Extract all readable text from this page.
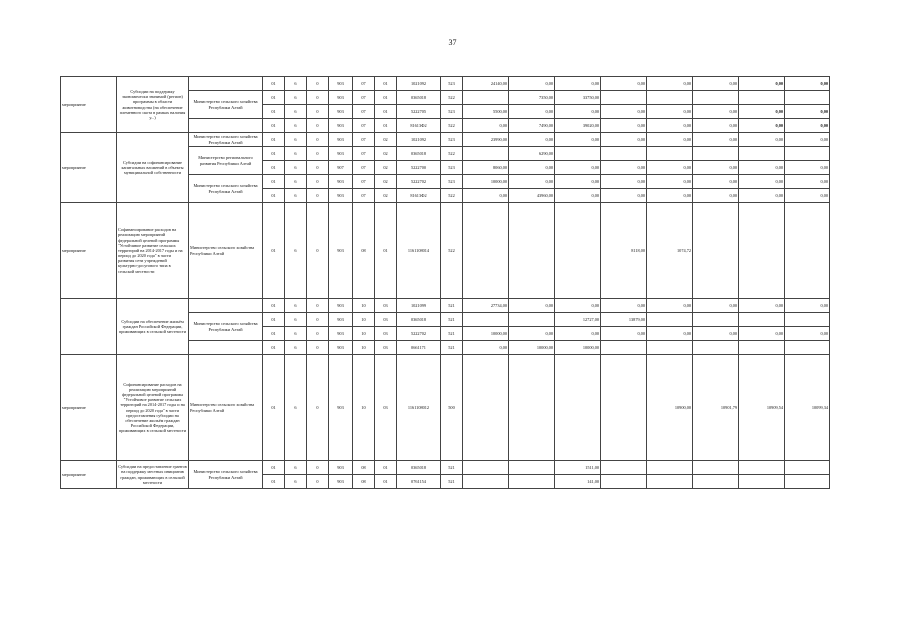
37
мероприятие	Субсидии на поддержку экономически значимой (регион) программы в области животноводства (на обеспечение племенного скота в рамках наличия у...)		01	6	0	903	07	01	1021092	523	24140,00	0,00	0,00	0,00	0,00	0,00	0,00	0,00	
		Министерство сельского хозяйства Республики Алтай	01	6	0	903	07	01	0365018	522		7350,00	33750,00						
			01	6	0	903	07	01	5222705	523	5500,00	0,00	0,00	0,00	0,00	0,00	0,00	0,00	
			01	6	0	903	07	01	81613Ф2	522	0,00	7490,00	39020,00	0,00	0,00	0,00	0,00	0,00	
мероприятие	Субсидии на софинансирование капитальных вложений в объекты муниципальной собственности	Министерство сельского хозяйства Республики Алтай	01	6	0	903	07	02	1021092	523	23990,00	0,00	0,00	0,00	0,00	0,00	0,00	0,00	
		Министерство регионального развития Республики Алтай	01	6	0	903	07	02	0365018	522		6290,00							
			01	6	0	907	07	02	5222700	523	8060,00	0,00	0,00	0,00	0,00	0,00	0,00	0,00	
		Министерство сельского хозяйства Республики Алтай	01	6	0	903	07	02	5222702	523	10000,00	0,00	0,00	0,00	0,00	0,00	0,00	0,00	
			01	6	0	903	07	02	81613Ф2	522	0,00	43960,00	0,00	0,00	0,00	0,00	0,00	0,00	
мероприятие	Софинансирование расходов на реализацию мероприятий федеральной целевой программы "Устойчивое развитие сельских территорий на 2014-2017 годы и на период до 2020 года" в части развития сети учреждений культурно-досугового типа в сельской местности	Министерство сельского хозяйства Республики Алтай	01	6	0	903	08	01	1161108014	522				8118,00	1074,72				
	Субсидии на обеспечение жильём граждан Российской Федерации, проживающих в сельской местности		01	6	0	903	10	03	1021099	521	27734,00	0,00	0,00	0,00	0,00	0,00	0,00	0,00	
		Министерство сельского хозяйства Республики Алтай	01	6	0	903	10	03	0365018	521			12727,00	13879,00					
			01	6	0	903	10	03	5222702	521	10000,00	0,00	0,00	0,00	0,00	0,00	0,00	0,00	
			01	6	0	903	10	03	0661171	521	0,00	10000,00	10000,00						
мероприятие	Софинансирование расходов на реализацию мероприятий федеральной целевой программы "Устойчивое развитие сельских территорий на 2014-2017 годы и на период до 2020 года" в части предоставления субсидии на обеспечение жильём граждан Российской Федерации, проживающих в сельской местности	Министерство сельского хозяйства Республики Алтай	01	6	0	903	10	03	1161108012	500					10900,00	10901,79	10909,54	10099,34	
мероприятие	Субсидии на предоставление грантов на поддержку местных инициатив граждан, проживающих в сельской местности	Министерство сельского хозяйства Республики Алтай	01	6	0	903	08	01	0365018	521			1511,00						
			01	6	0	903	08	01	0761154	521			141,00						
